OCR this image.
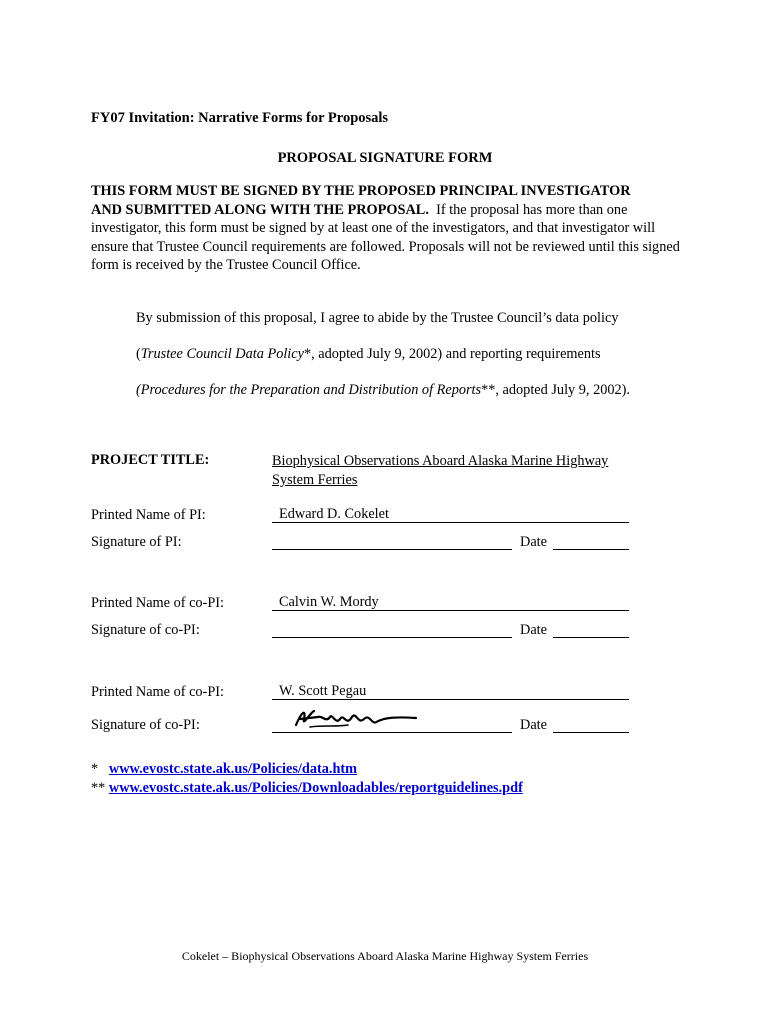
FY07 Invitation: Narrative Forms for Proposals
PROPOSAL SIGNATURE FORM
THIS FORM MUST BE SIGNED BY THE PROPOSED PRINCIPAL INVESTIGATOR
AND SUBMITTED ALONG WITH THE PROPOSAL. If the proposal has more than one investigator, this form must be signed by at least one of the investigators, and that investigator will ensure that Trustee Council requirements are followed. Proposals will not be reviewed until this signed form is received by the Trustee Council Office.
By submission of this proposal, I agree to abide by the Trustee Council’s data policy
(Trustee Council Data Policy*, adopted July 9, 2002) and reporting requirements
(Procedures for the Preparation and Distribution of Reports**, adopted July 9, 2002).
PROJECT TITLE:	Biophysical Observations Aboard Alaska Marine Highway
System Ferries
Printed Name of PI:	Edward D. Cokelet
Signature of PI:	Date
Printed Name of co-PI:	Calvin W. Mordy
Signature of co-PI:	Date
Printed Name of co-PI:	W. Scott Pegau
Signature of co-PI:	Date
* www.evostc.state.ak.us/Policies/data.htm
** www.evostc.state.ak.us/Policies/Downloadables/reportguidelines.pdf
Cokelet – Biophysical Observations Aboard Alaska Marine Highway System Ferries
